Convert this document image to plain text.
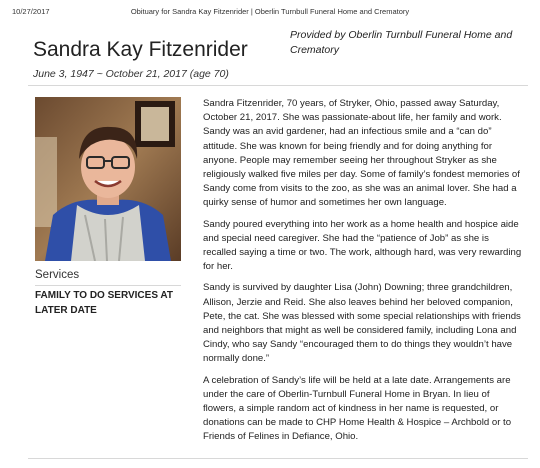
10/27/2017	Obituary for Sandra Kay Fitzenrider | Oberlin Turnbull Funeral Home and Crematory
Sandra Kay Fitzenrider
Provided by Oberlin Turnbull Funeral Home and Crematory
June 3, 1947 ~ October 21, 2017 (age 70)
Services
FAMILY TO DO SERVICES AT LATER DATE

Sandra Fitzenrider, 70 years, of Stryker, Ohio, passed away Saturday, October 21, 2017. She was passionate-about life, her family and work. Sandy was an avid gardener, had an infectious smile and a “can do” attitude. She was known for being friendly and for doing anything for anyone. People may remember seeing her throughout Stryker as she religiously walked five miles per day. Some of family’s fondest memories of Sandy come from visits to the zoo, as she was an animal lover. She had a quirky sense of humor and sometimes her own language.

Sandy poured everything into her work as a home health and hospice aide and special need caregiver. She had the “patience of Job” as she is recalled saying a time or two. The work, although hard, was very rewarding for her.

Sandy is survived by daughter Lisa (John) Downing; three grandchildren, Allison, Jerzie and Reid. She also leaves behind her beloved companion, Pete, the cat. She was blessed with some special relationships with friends and neighbors that might as well be considered family, including Lona and Cindy, who say Sandy “encouraged them to do things they wouldn’t have normally done.”

A celebration of Sandy’s life will be held at a late date. Arrangements are under the care of Oberlin-Turnbull Funeral Home in Bryan. In lieu of flowers, a simple random act of kindness in her name is requested, or donations can be made to CHP Home Health & Hospice – Archbold or to Friends of Felines in Defiance, Ohio.
